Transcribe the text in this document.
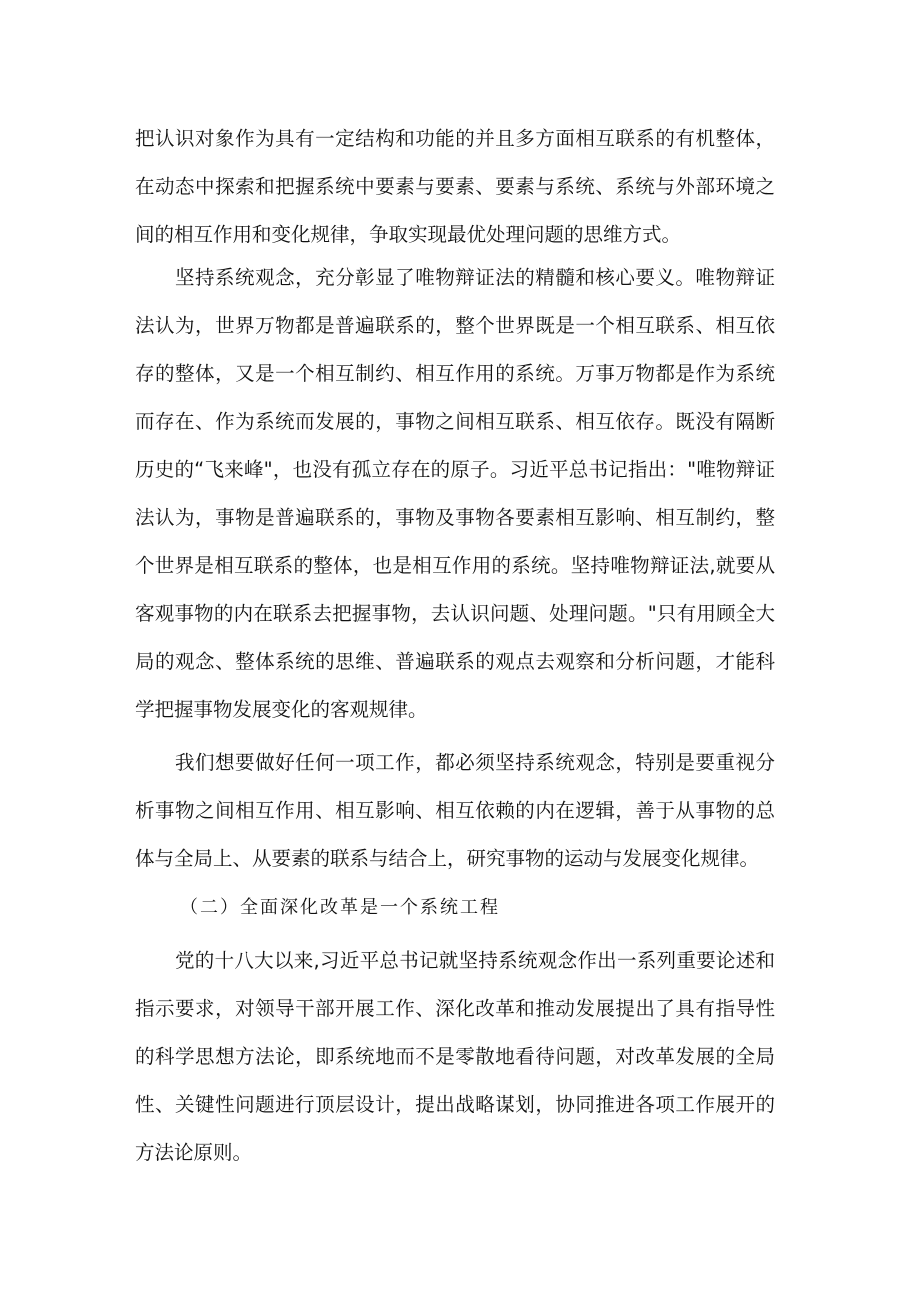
把认识对象作为具有一定结构和功能的并且多方面相互联系的有机整体，在动态中探索和把握系统中要素与要素、要素与系统、系统与外部环境之间的相互作用和变化规律，争取实现最优处理问题的思维方式。

坚持系统观念，充分彰显了唯物辩证法的精髓和核心要义。唯物辩证法认为，世界万物都是普遍联系的，整个世界既是一个相互联系、相互依存的整体，又是一个相互制约、相互作用的系统。万事万物都是作为系统而存在、作为系统而发展的，事物之间相互联系、相互依存。既没有隔断历史的“飞来峰"，也没有孤立存在的原子。习近平总书记指出："唯物辩证法认为，事物是普遍联系的，事物及事物各要素相互影响、相互制约，整个世界是相互联系的整体，也是相互作用的系统。坚持唯物辩证法,就要从客观事物的内在联系去把握事物，去认识问题、处理问题。"只有用顾全大局的观念、整体系统的思维、普遍联系的观点去观察和分析问题，才能科学把握事物发展变化的客观规律。

我们想要做好任何一项工作，都必须坚持系统观念，特别是要重视分析事物之间相互作用、相互影响、相互依赖的内在逻辑，善于从事物的总体与全局上、从要素的联系与结合上，研究事物的运动与发展变化规律。

（二）全面深化改革是一个系统工程

党的十八大以来,习近平总书记就坚持系统观念作出一系列重要论述和指示要求，对领导干部开展工作、深化改革和推动发展提出了具有指导性的科学思想方法论，即系统地而不是零散地看待问题，对改革发展的全局性、关键性问题进行顶层设计，提出战略谋划，协同推进各项工作展开的方法论原则。
